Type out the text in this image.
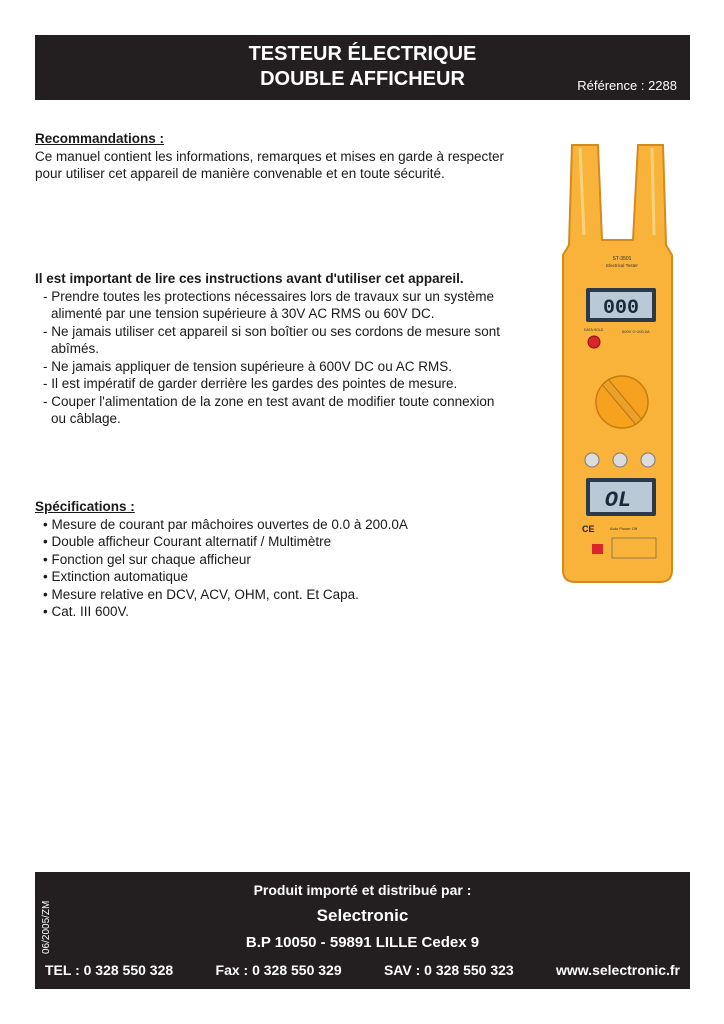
TESTEUR ÉLECTRIQUE
DOUBLE AFFICHEUR	Référence : 2288
Recommandations :
Ce manuel contient les informations, remarques et mises en garde à respecter
pour utiliser cet appareil de manière convenable et en toute sécurité.
Il est important de lire ces instructions avant d'utiliser cet appareil.
- Prendre toutes les protections nécessaires lors de travaux sur un système
alimenté par une tension supérieure à 30V AC RMS ou 60V DC.
- Ne jamais utiliser cet appareil si son boîtier ou ses cordons de mesure sont
abîmés.
- Ne jamais appliquer de tension supérieure à 600V DC ou AC RMS.
- Il est impératif de garder derrière les gardes des pointes de mesure.
- Couper l'alimentation de la zone en test avant de modifier toute connexion
ou câblage.
Spécifications :
• Mesure de courant par mâchoires ouvertes de 0.0 à 200.0A
• Double afficheur Courant alternatif / Multimètre
• Fonction gel sur chaque afficheur
• Extinction automatique
• Mesure relative en DCV, ACV, OHM, cont. Et Capa.
• Cat. III 600V.
ST-3501
Electrical Tester
000
DATA HOLD	600V 0~200.0A
OL
CE	Auto Power Off
06/2005/ZM
Produit importé et distribué par :
Selectronic
B.P 10050 - 59891 LILLE Cedex 9
TEL : 0 328 550 328	Fax : 0 328 550 329	SAV : 0 328 550 323	www.selectronic.fr
